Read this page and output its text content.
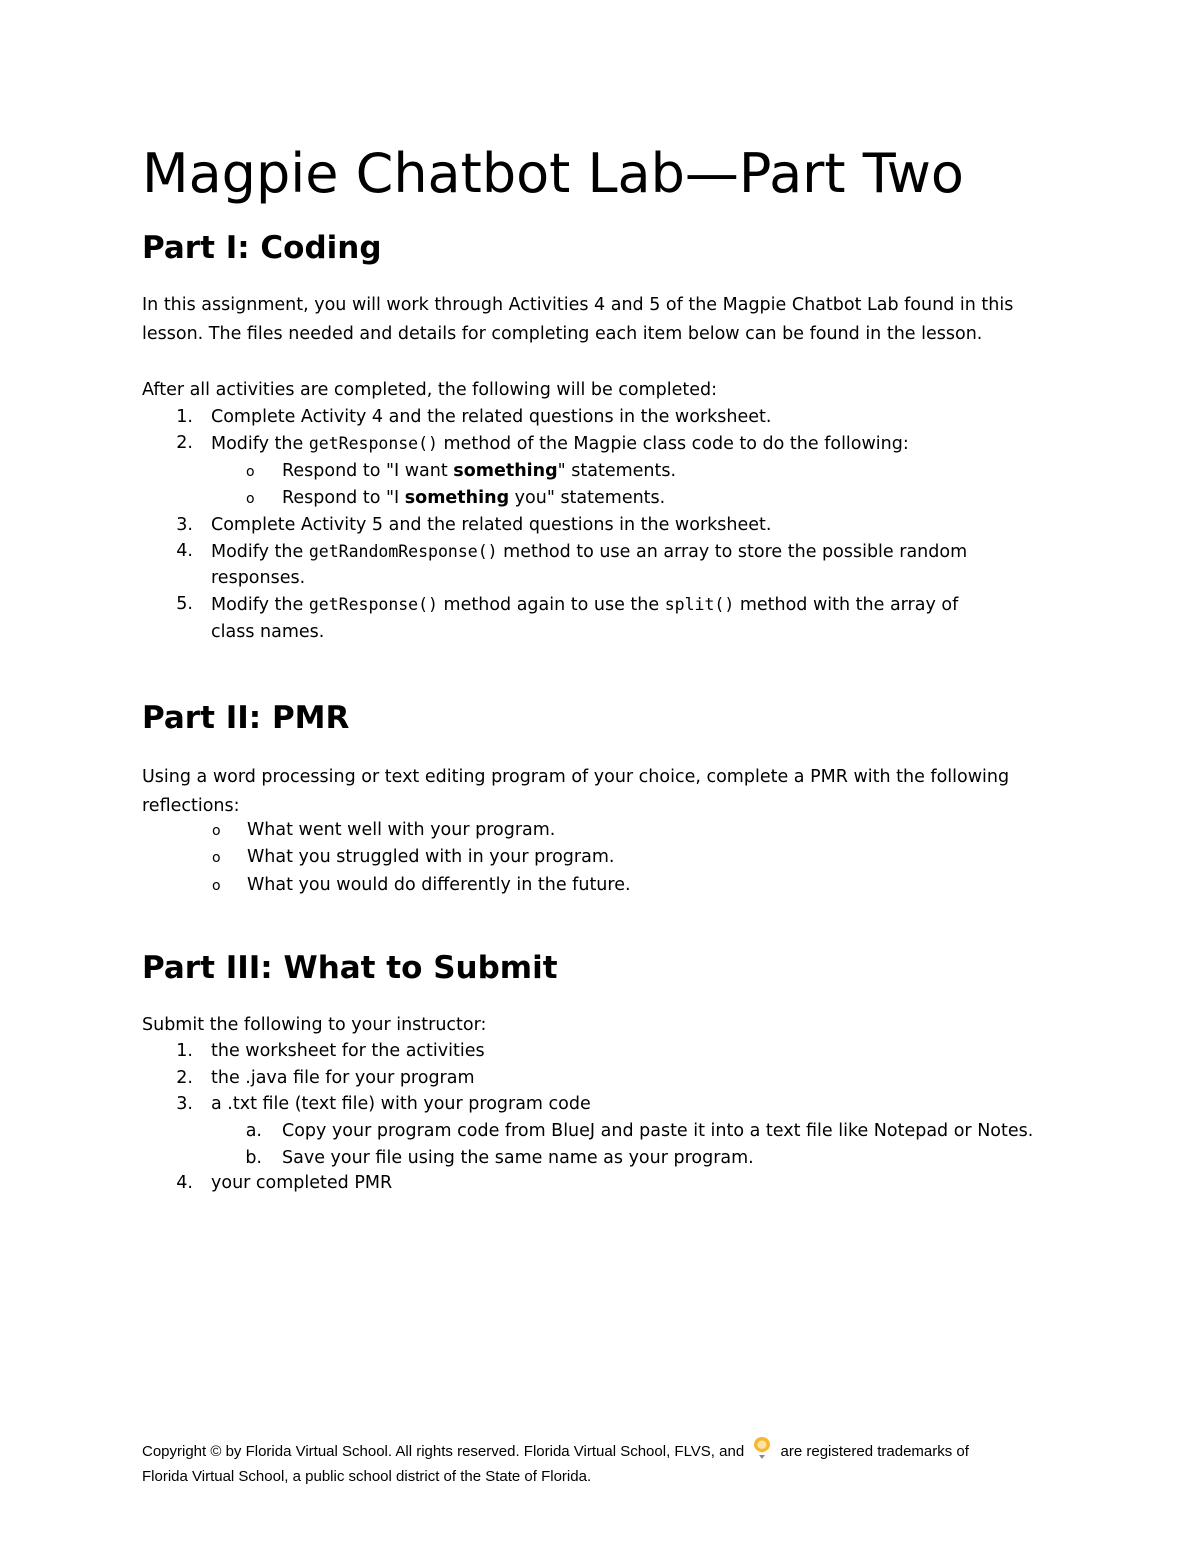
Magpie Chatbot Lab—Part Two
Part I: Coding

In this assignment, you will work through Activities 4 and 5 of the Magpie Chatbot Lab found in this
lesson. The files needed and details for completing each item below can be found in the lesson.

After all activities are completed, the following will be completed:
1. Complete Activity 4 and the related questions in the worksheet.
2. Modify the getResponse() method of the Magpie class code to do the following:
o Respond to "I want something" statements.
o Respond to "I something you" statements.
3. Complete Activity 5 and the related questions in the worksheet.
4. Modify the getRandomResponse() method to use an array to store the possible random
responses.
5. Modify the getResponse() method again to use the split() method with the array of
class names.
Part II: PMR

Using a word processing or text editing program of your choice, complete a PMR with the following
reflections:

o What went well with your program.
o What you struggled with in your program.
o What you would do differently in the future.
Part III: What to Submit
Submit the following to your instructor:
1. the worksheet for the activities
2. the .java file for your program
3. a .txt file (text file) with your program code
a. Copy your program code from BlueJ and paste it into a text file like Notepad or Notes.
b. Save your file using the same name as your program.
4. your completed PMR

Copyright © by Florida Virtual School. All rights reserved. Florida Virtual School, FLVS, and are registered trademarks of
Florida Virtual School, a public school district of the State of Florida.
